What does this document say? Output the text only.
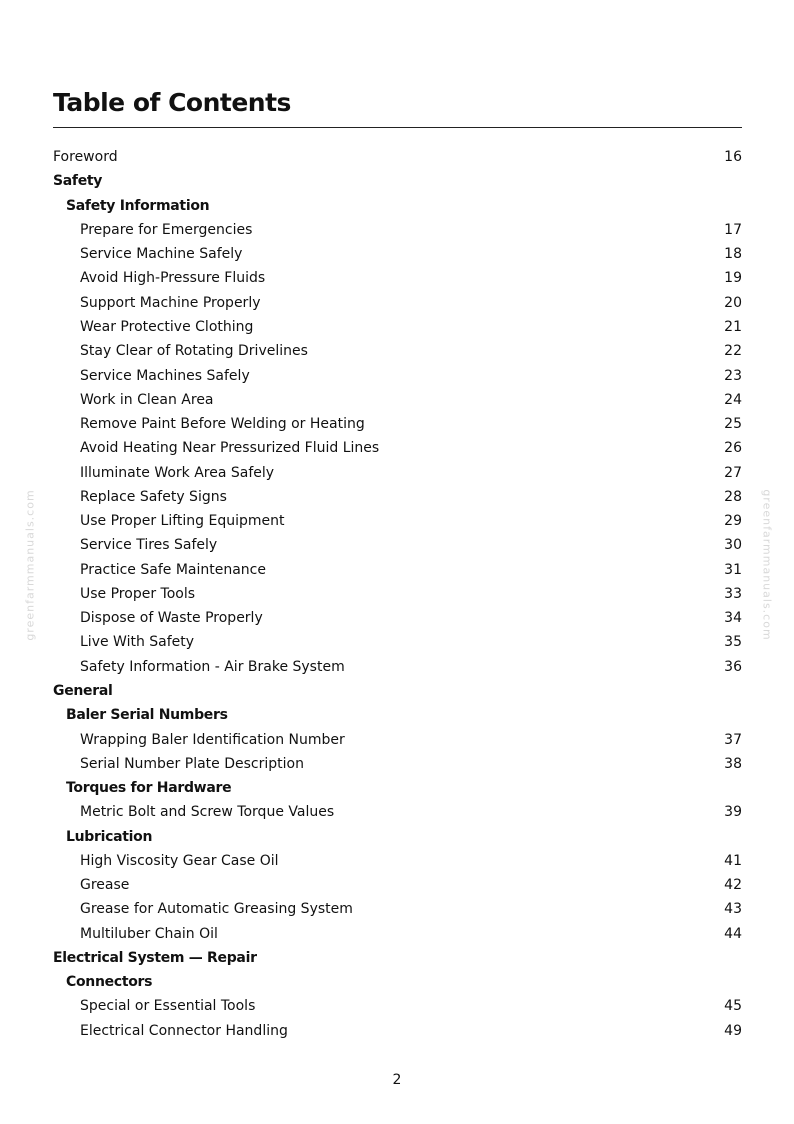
Table of Contents
Foreword	16
Safety
Safety Information
Prepare for Emergencies	17
Service Machine Safely	18
Avoid High-Pressure Fluids	19
Support Machine Properly	20
Wear Protective Clothing	21
Stay Clear of Rotating Drivelines	22
Service Machines Safely	23
Work in Clean Area	24
Remove Paint Before Welding or Heating	25
Avoid Heating Near Pressurized Fluid Lines	26
Illuminate Work Area Safely	27
Replace Safety Signs	28
Use Proper Lifting Equipment	29
Service Tires Safely	30
Practice Safe Maintenance	31
Use Proper Tools	33
Dispose of Waste Properly	34
Live With Safety	35
Safety Information - Air Brake System	36
General
Baler Serial Numbers
Wrapping Baler Identification Number	37
Serial Number Plate Description	38
Torques for Hardware
Metric Bolt and Screw Torque Values	39
Lubrication
High Viscosity Gear Case Oil	41
Grease	42
Grease for Automatic Greasing System	43
Multiluber Chain Oil	44
Electrical System — Repair
Connectors
Special or Essential Tools	45
Electrical Connector Handling	49
greenfarmmanuals.com	greenfarmmanuals.com
2
